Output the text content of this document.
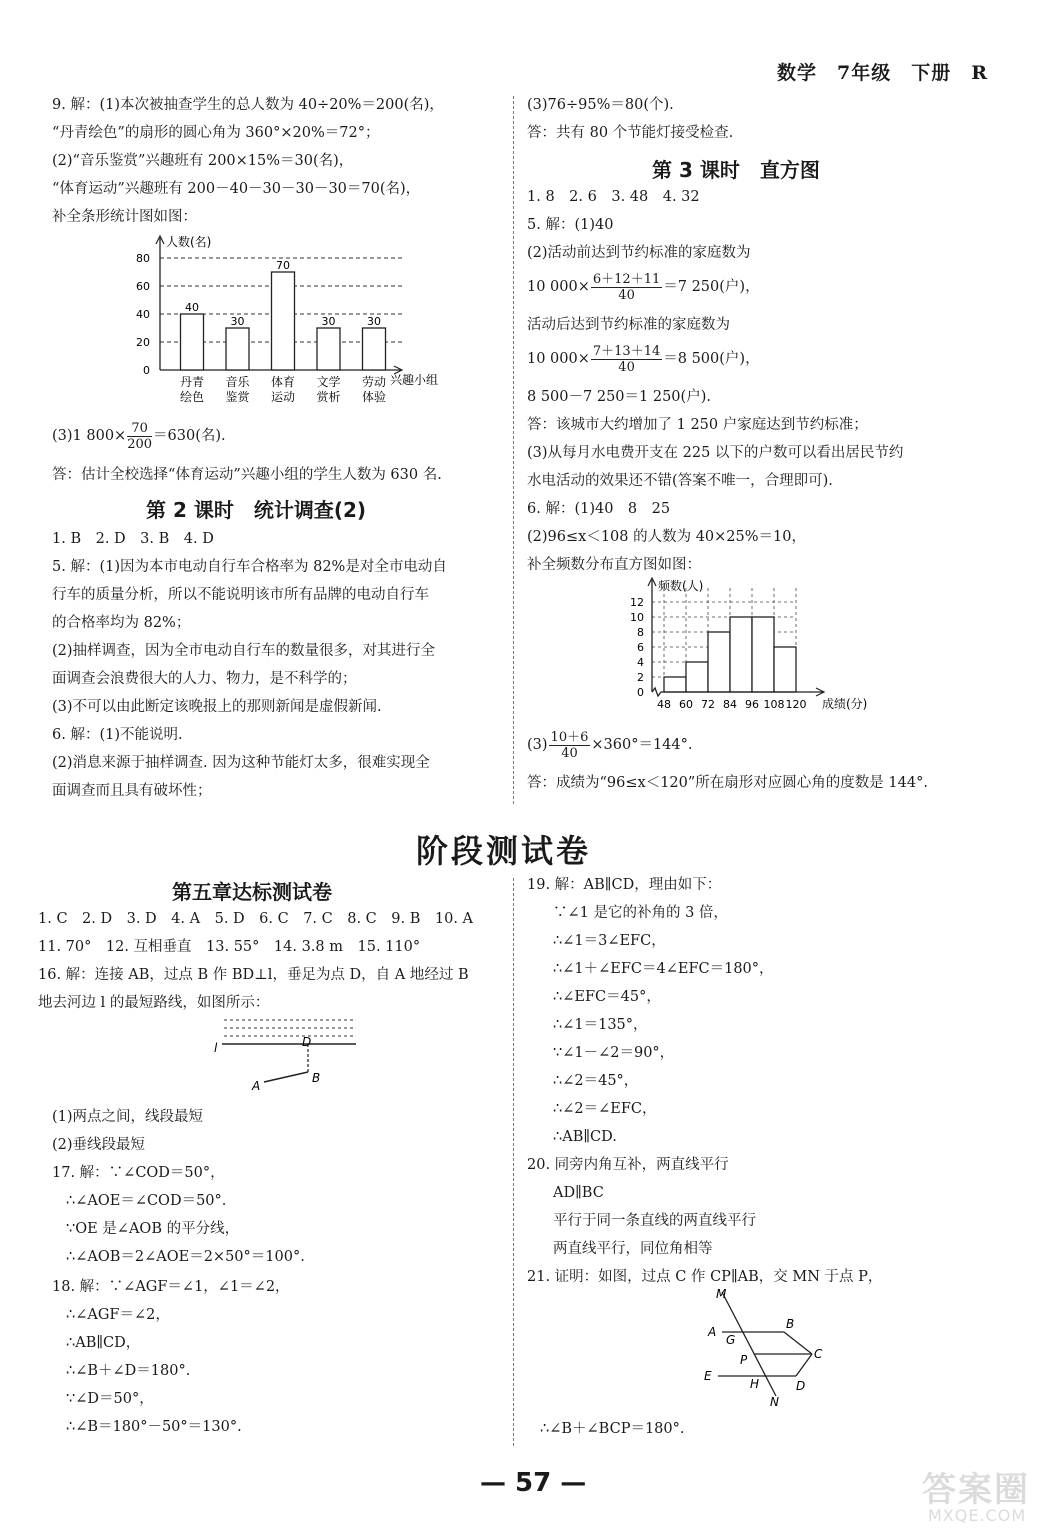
数学　7年级　下册　R
9. 解：(1)本次被抽查学生的总人数为 40÷20%＝200(名)，
“丹青绘色”的扇形的圆心角为 360°×20%＝72°；
(2)“音乐鉴赏”兴趣班有 200×15%＝30(名)，
“体育运动”兴趣班有 200－40－30－30－30＝70(名)，
补全条形统计图如图：
0
20
40
60
80
人数(名)
兴趣小组
40
丹青
绘色
30
音乐
鉴赏
70
体育
运动
30
文学
赏析
30
劳动
体验
(3)1 $800\times \frac{70}{200} =630$(名).
答：估计全校选择“体育运动”兴趣小组的学生人数为 630 名.
第 2 课时　统计调查(2)
1. B　2. D　3. B　4. D
5. 解：(1)因为本市电动自行车合格率为 82%是对全市电动自
行车的质量分析，所以不能说明该市所有品牌的电动自行车
的合格率均为 82%；
(2)抽样调查，因为全市电动自行车的数量很多，对其进行全
面调查会浪费很大的人力、物力，是不科学的；
(3)不可以由此断定该晚报上的那则新闻是虚假新闻.
6. 解：(1)不能说明.
(2)消息来源于抽样调查. 因为这种节能灯太多，很难实现全
面调查而且具有破坏性；
(3)76÷95%＝80(个).
答：共有 80 个节能灯接受检查.
第 3 课时　直方图
1. 8　2. 6　3. 48　4. 32
5. 解：(1)40
(2)活动前达到节约标准的家庭数为
10 $000\times \frac{6+12+11}{40} =7$ 250(户)，
活动后达到节约标准的家庭数为
10 $000\times \frac{7+13+14}{40} =8$ 500(户)，
8 500－7 250＝1 250(户).
答：该城市大约增加了 1 250 户家庭达到节约标准；
(3)从每月水电费开支在 225 以下的户数可以看出居民节约
水电活动的效果还不错(答案不唯一，合理即可).
6. 解：(1)40　8　25
(2)96≤x＜108 的人数为 40×25%＝10，
补全频数分布直方图如图：
0
2
4
6
8
10
12
48 60 72 84 96 108 120
频数(人)
成绩(分)
$(3) \frac{10+6}{40} \times 360^\circ=144^\circ$.
答：成绩为“96≤x＜120”所在扇形对应圆心角的度数是 144°.
阶段测试卷
第五章达标测试卷
1. C　2. D　3. D　4. A　5. D　6. C　7. C　8. C　9. B　10. A
11. 70°　12. 互相垂直　13. 55°　14. 3.8 m　15. 110°
16. 解：连接 AB，过点 B 作 BD⊥l，垂足为点 D，自 A 地经过 B
地去河边 l 的最短路线，如图所示：
l	D
A
B
(1)两点之间，线段最短
(2)垂线段最短
17. 解：∵∠COD＝50°，
∴∠AOE＝∠COD＝50°.
∵OE 是∠AOB 的平分线，
∴∠AOB＝2∠AOE＝2×50°＝100°.
18. 解：∵∠AGF＝∠1，∠1＝∠2，
∴∠AGF＝∠2，
∴AB∥CD，
∴∠B＋∠D＝180°.
∵∠D＝50°，
∴∠B＝180°－50°＝130°.
19. 解：AB∥CD，理由如下：
∵∠1 是它的补角的 3 倍，
∴∠1＝3∠EFC，
∴∠1＋∠EFC＝4∠EFC＝180°，
∴∠EFC＝45°，
∴∠1＝135°，
∵∠1－∠2＝90°，
∴∠2＝45°，
∴∠2＝∠EFC，
∴AB∥CD.
20. 同旁内角互补，两直线平行
AD∥BC
平行于同一条直线的两直线平行
两直线平行，同位角相等
21. 证明：如图，过点 C 作 CP∥AB，交 MN 于点 P，
M
A
G
B
P	C
E
H	D
N
∴∠B＋∠BCP＝180°.
— 57 —	答案圈
MXQE.COM
